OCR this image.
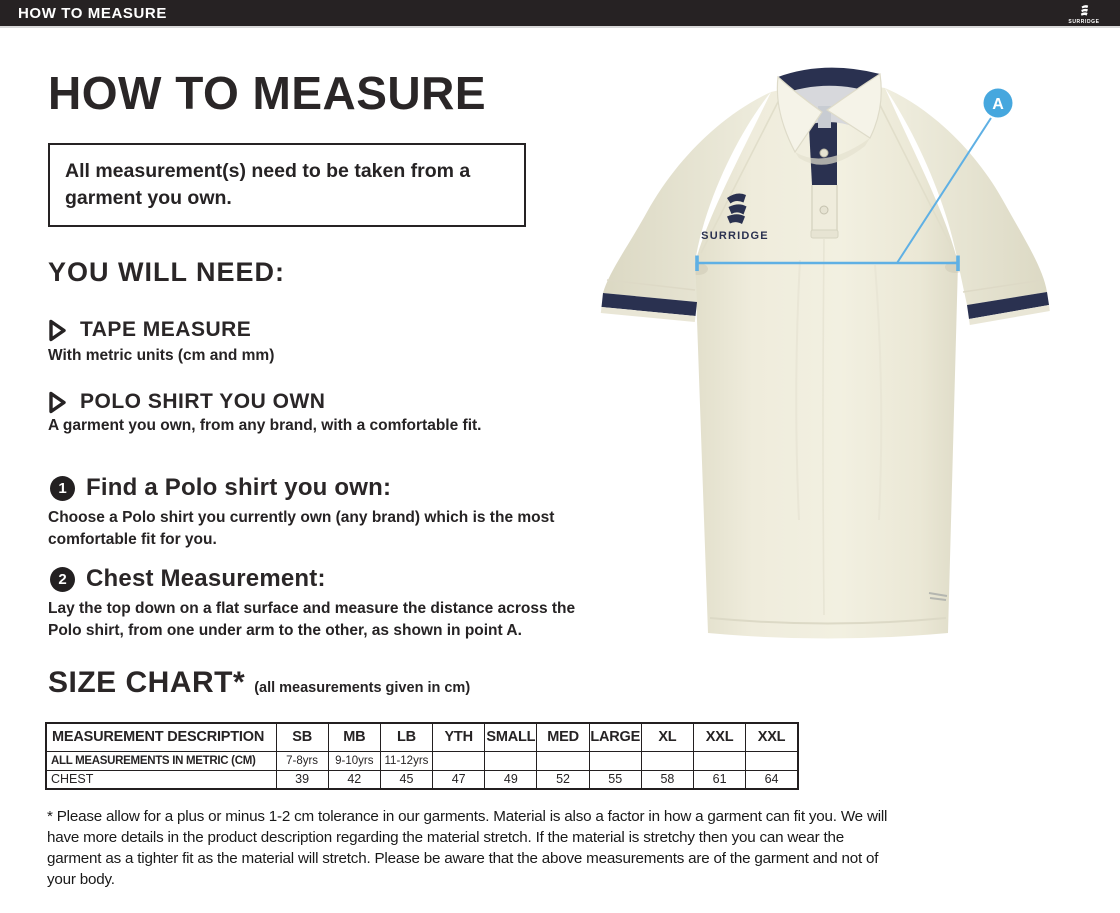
HOW TO MEASURE	SURRIDGE
HOW TO MEASURE

All measurement(s) need to be taken from a garment you own.

YOU WILL NEED:
TAPE MEASURE

With metric units (cm and mm)

POLO SHIRT YOU OWN

A garment you own, from any brand, with a comfortable fit.

1 Find a Polo shirt you own:

Choose a Polo shirt you currently own (any brand) which is the most comfortable fit for you.

2 Chest Measurement:

Lay the top down on a flat surface and measure the distance across the Polo shirt, from one under arm to the other, as shown in point A.

SIZE CHART* (all measurements given in cm)
MEASUREMENT DESCRIPTION	SB	MB	LB	YTH	SMALL	MED	LARGE	XL	XXL	XXL
ALL MEASUREMENTS IN METRIC (CM)	7-8yrs	9-10yrs	11-12yrs							
CHEST	39	42	45	47	49	52	55	58	61	64

* Please allow for a plus or minus 1-2 cm tolerance in our garments. Material is also a factor in how a garment can fit you. We will have more details in the product description regarding the material stretch. If the material is stretchy then you can wear the garment as a tighter fit as the material will stretch. Please be aware that the above measurements are of the garment and not of your body.

SURRIDGE
A
